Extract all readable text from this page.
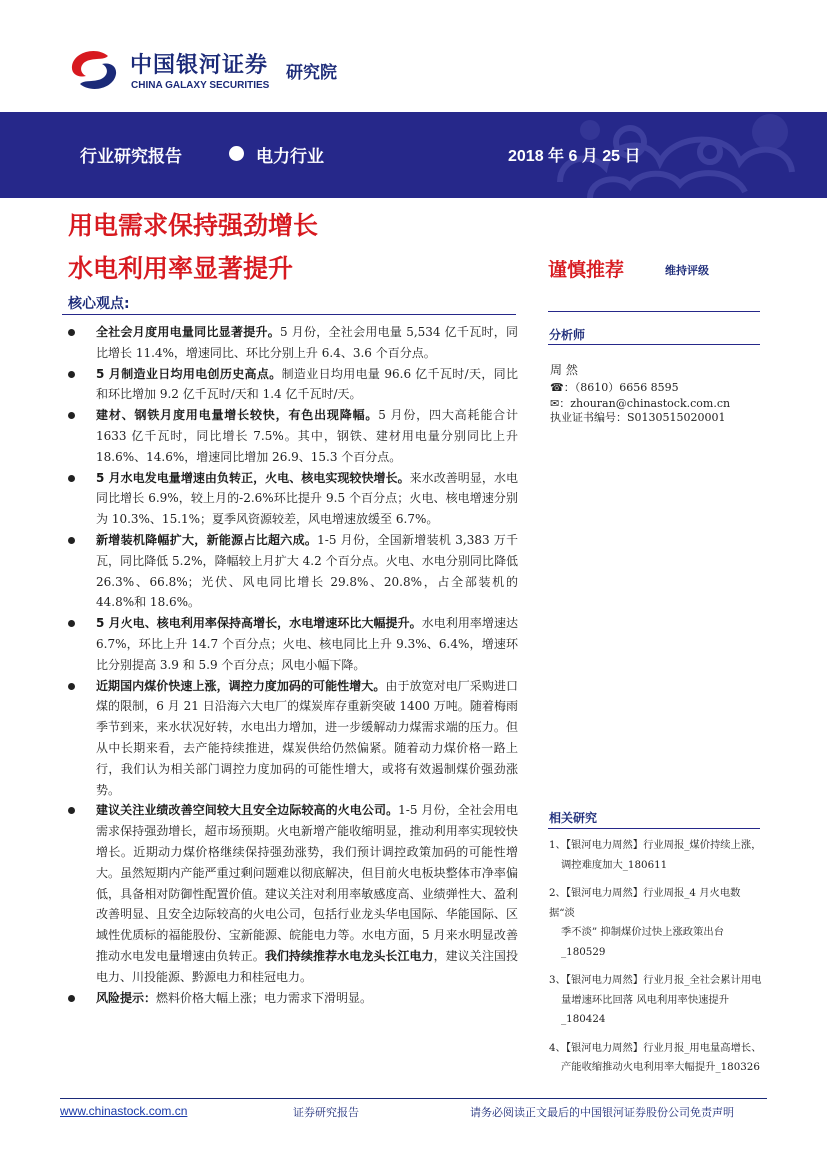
中国银河证券
CHINA GALAXY SECURITIES
研究院
行业研究报告	电力行业	2018 年 6 月 25 日
用电需求保持强劲增长
水电利用率显著提升	谨慎推荐	维持评级
核心观点:
全社会月度用电量同比显著提升。5 月份，全社会用电量 5,534 亿千瓦时，同比增长 11.4%，增速同比、环比分别上升 6.4、3.6 个百分点。
5 月制造业日均用电创历史高点。制造业日均用电量 96.6 亿千瓦时/天，同比和环比增加 9.2 亿千瓦时/天和 1.4 亿千瓦时/天。
建材、钢铁月度用电量增长较快，有色出现降幅。5 月份，四大高耗能合计 1633 亿千瓦时，同比增长 7.5%。其中，钢铁、建材用电量分别同比上升 18.6%、14.6%，增速同比增加 26.9、15.3 个百分点。
5 月水电发电量增速由负转正，火电、核电实现较快增长。来水改善明显，水电同比增长 6.9%，较上月的-2.6%环比提升 9.5 个百分点；火电、核电增速分别为 10.3%、15.1%；夏季风资源较差，风电增速放缓至 6.7%。
新增装机降幅扩大，新能源占比超六成。1-5 月份，全国新增装机 3,383 万千瓦，同比降低 5.2%，降幅较上月扩大 4.2 个百分点。火电、水电分别同比降低 26.3%、66.8%；光伏、风电同比增长 29.8%、20.8%，占全部装机的 44.8%和 18.6%。
5 月火电、核电利用率保持高增长，水电增速环比大幅提升。水电利用率增速达 6.7%，环比上升 14.7 个百分点；火电、核电同比上升 9.3%、6.4%，增速环比分别提高 3.9 和 5.9 个百分点；风电小幅下降。
近期国内煤价快速上涨，调控力度加码的可能性增大。由于放宽对电厂采购进口煤的限制，6 月 21 日沿海六大电厂的煤炭库存重新突破 1400 万吨。随着梅雨季节到来，来水状况好转，水电出力增加，进一步缓解动力煤需求端的压力。但从中长期来看，去产能持续推进，煤炭供给仍然偏紧。随着动力煤价格一路上行，我们认为相关部门调控力度加码的可能性增大，或将有效遏制煤价强劲涨势。
建议关注业绩改善空间较大且安全边际较高的火电公司。1-5 月份，全社会用电需求保持强劲增长，超市场预期。火电新增产能收缩明显，推动利用率实现较快增长。近期动力煤价格继续保持强劲涨势，我们预计调控政策加码的可能性增大。虽然短期内产能严重过剩问题难以彻底解决，但目前火电板块整体市净率偏低，具备相对防御性配置价值。建议关注对利用率敏感度高、业绩弹性大、盈利改善明显、且安全边际较高的火电公司，包括行业龙头华电国际、华能国际、区域性优质标的福能股份、宝新能源、皖能电力等。水电方面，5 月来水明显改善推动水电发电量增速由负转正。我们持续推荐水电龙头长江电力，建议关注国投电力、川投能源、黔源电力和桂冠电力。
风险提示：燃料价格大幅上涨；电力需求下滑明显。
分析师
周 然
☎：（8610）6656 8595
✉：zhouran@chinastock.com.cn
执业证书编号：S0130515020001
相关研究
1、【银河电力周然】行业周报_煤价持续上涨，
调控难度加大_180611
2、【银河电力周然】行业周报_4 月火电数据“淡
季不淡” 抑制煤价过快上涨政策出台
_180529
3、【银河电力周然】行业月报_全社会累计用电
量增速环比回落 风电利用率快速提升
_180424
4、【银河电力周然】行业月报_用电量高增长、
产能收缩推动火电利用率大幅提升_180326
www.chinastock.com.cn	证券研究报告	请务必阅读正文最后的中国银河证券股份公司免责声明
